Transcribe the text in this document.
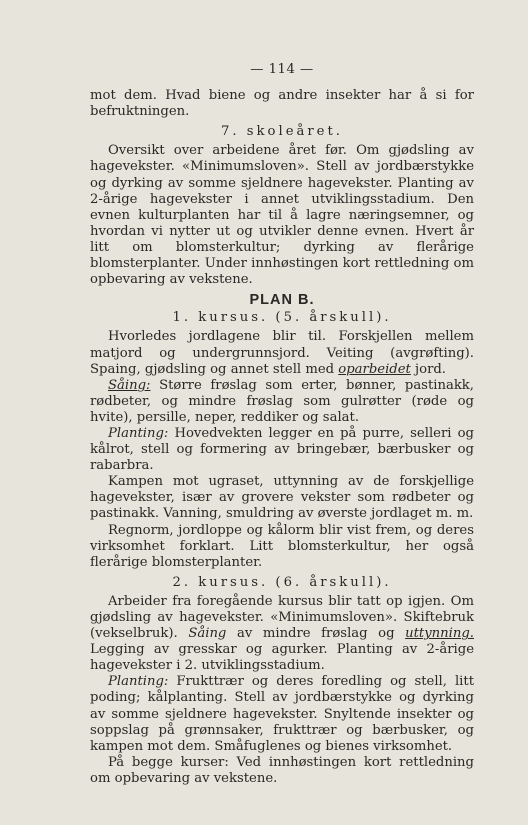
— 114 —

mot dem. Hvad biene og andre insekter har å si for befruktningen.

7. skoleåret.

Oversikt over arbeidene året før. Om gjødsling av hagevekster. «Minimumsloven». Stell av jordbærstykke og dyrking av somme sjeldnere hagevekster. Planting av 2-årige hagevekster i annet utviklingsstadium. Den evnen kulturplanten har til å lagre næringsemner, og hvordan vi nytter ut og utvikler denne evnen. Hvert år litt om blomsterkultur; dyrking av flerårige blomsterplanter. Under innhøstingen kort rettledning om opbevaring av vekstene.

PLAN B.

1. kursus. (5. årskull).

Hvorledes jordlagene blir til. Forskjellen mellem matjord og undergrunnsjord. Veiting (avgrøfting). Spaing, gjødsling og annet stell med oparbeidet jord.

Såing: Større frøslag som erter, bønner, pastinakk, rødbeter, og mindre frøslag som gulrøtter (røde og hvite), persille, neper, reddiker og salat.

Planting: Hovedvekten legger en på purre, selleri og kålrot, stell og formering av bringebær, bærbusker og rabarbra.

Kampen mot ugraset, uttynning av de forskjellige hagevekster, især av grovere vekster som rødbeter og pastinakk. Vanning, smuldring av øverste jordlaget m. m.

Regnorm, jordloppe og kålorm blir vist frem, og deres virksomhet forklart. Litt blomsterkultur, her også flerårige blomsterplanter.

2. kursus. (6. årskull).

Arbeider fra foregående kursus blir tatt op igjen. Om gjødsling av hagevekster. «Minimumsloven». Skiftebruk (vekselbruk). Såing av mindre frøslag og uttynning. Legging av gresskar og agurker. Planting av 2-årige hagevekster i 2. utviklingsstadium.

Planting: Frukttrær og deres foredling og stell, litt poding; kålplanting. Stell av jordbærstykke og dyrking av somme sjeldnere hagevekster. Snyltende insekter og soppslag på grønnsaker, frukttrær og bærbusker, og kampen mot dem. Småfuglenes og bienes virksomhet.

På begge kurser: Ved innhøstingen kort rettledning om opbevaring av vekstene.
